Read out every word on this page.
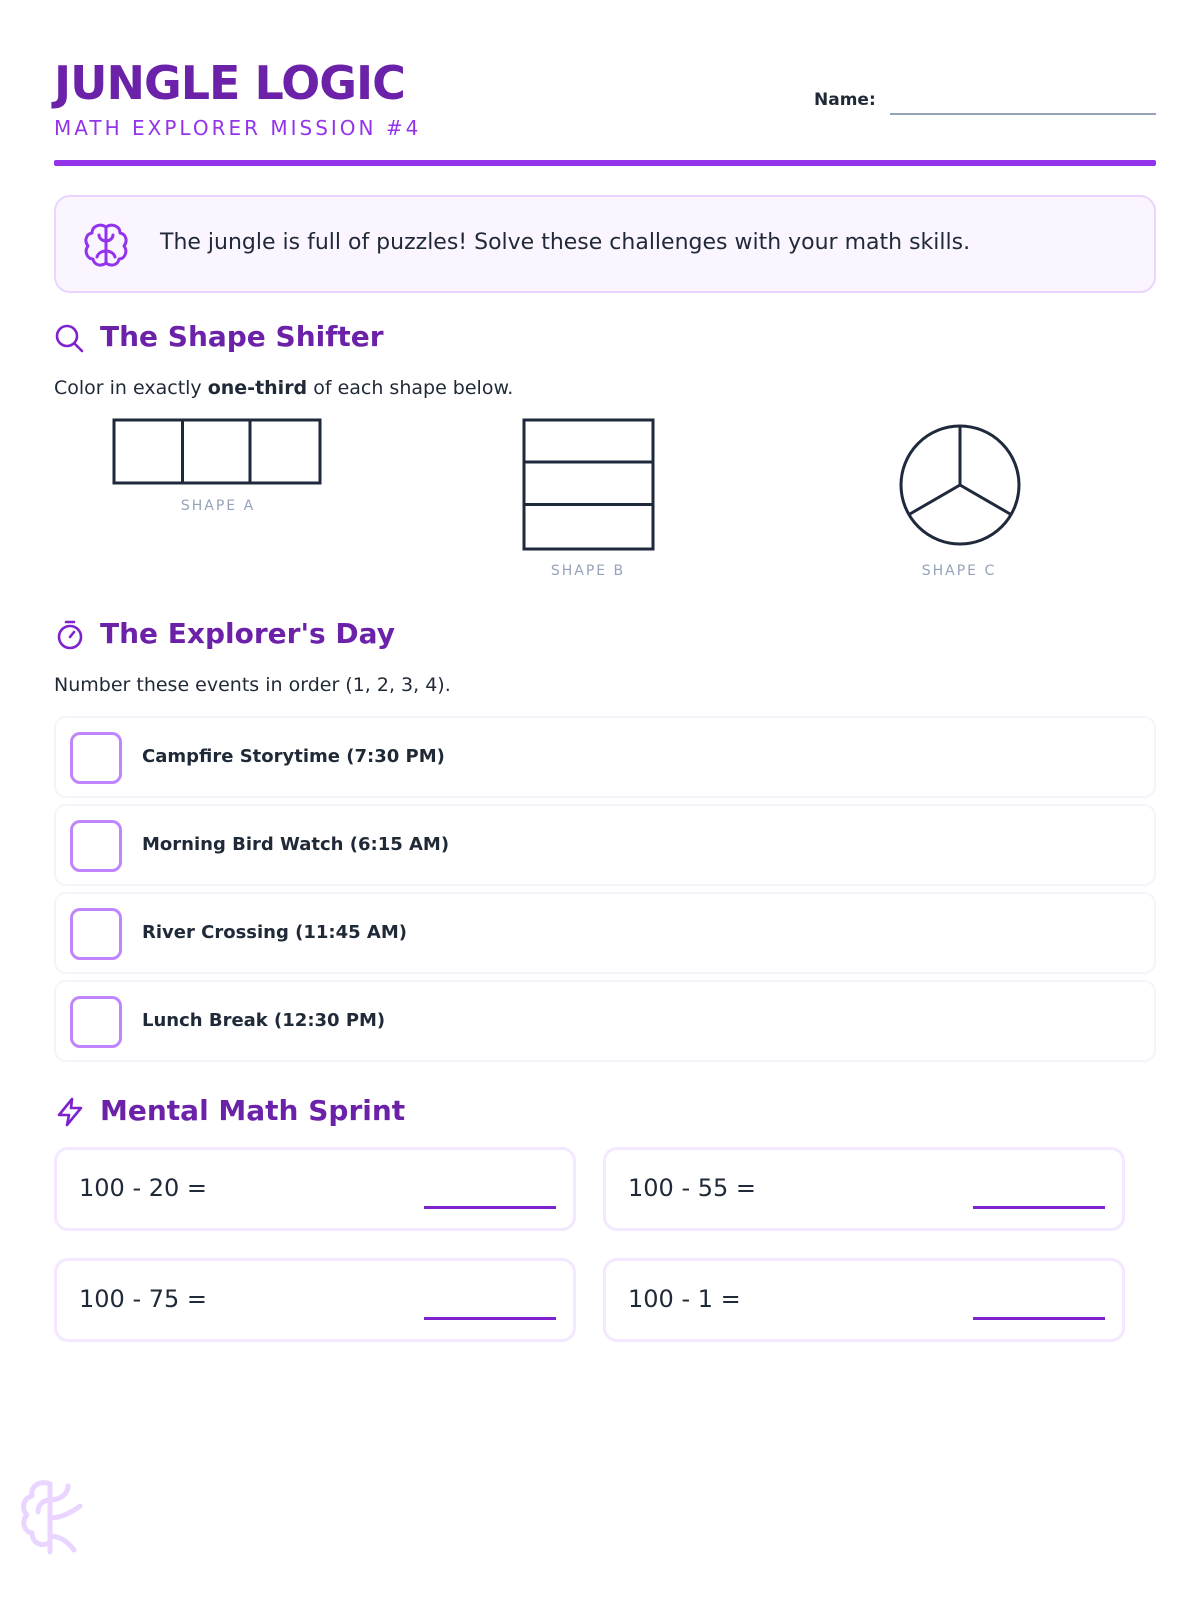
JUNGLE LOGIC
MATH EXPLORER MISSION #4
Name:
The jungle is full of puzzles! Solve these challenges with your math skills.
The Shape Shifter
Color in exactly one-third of each shape below.
SHAPE A
SHAPE B	SHAPE C
The Explorer's Day
Number these events in order (1, 2, 3, 4).
Campfire Storytime (7:30 PM)
Morning Bird Watch (6:15 AM)
River Crossing (11:45 AM)
Lunch Break (12:30 PM)
Mental Math Sprint
100 - 20 =	100 - 55 =
100 - 75 =	100 - 1 =
